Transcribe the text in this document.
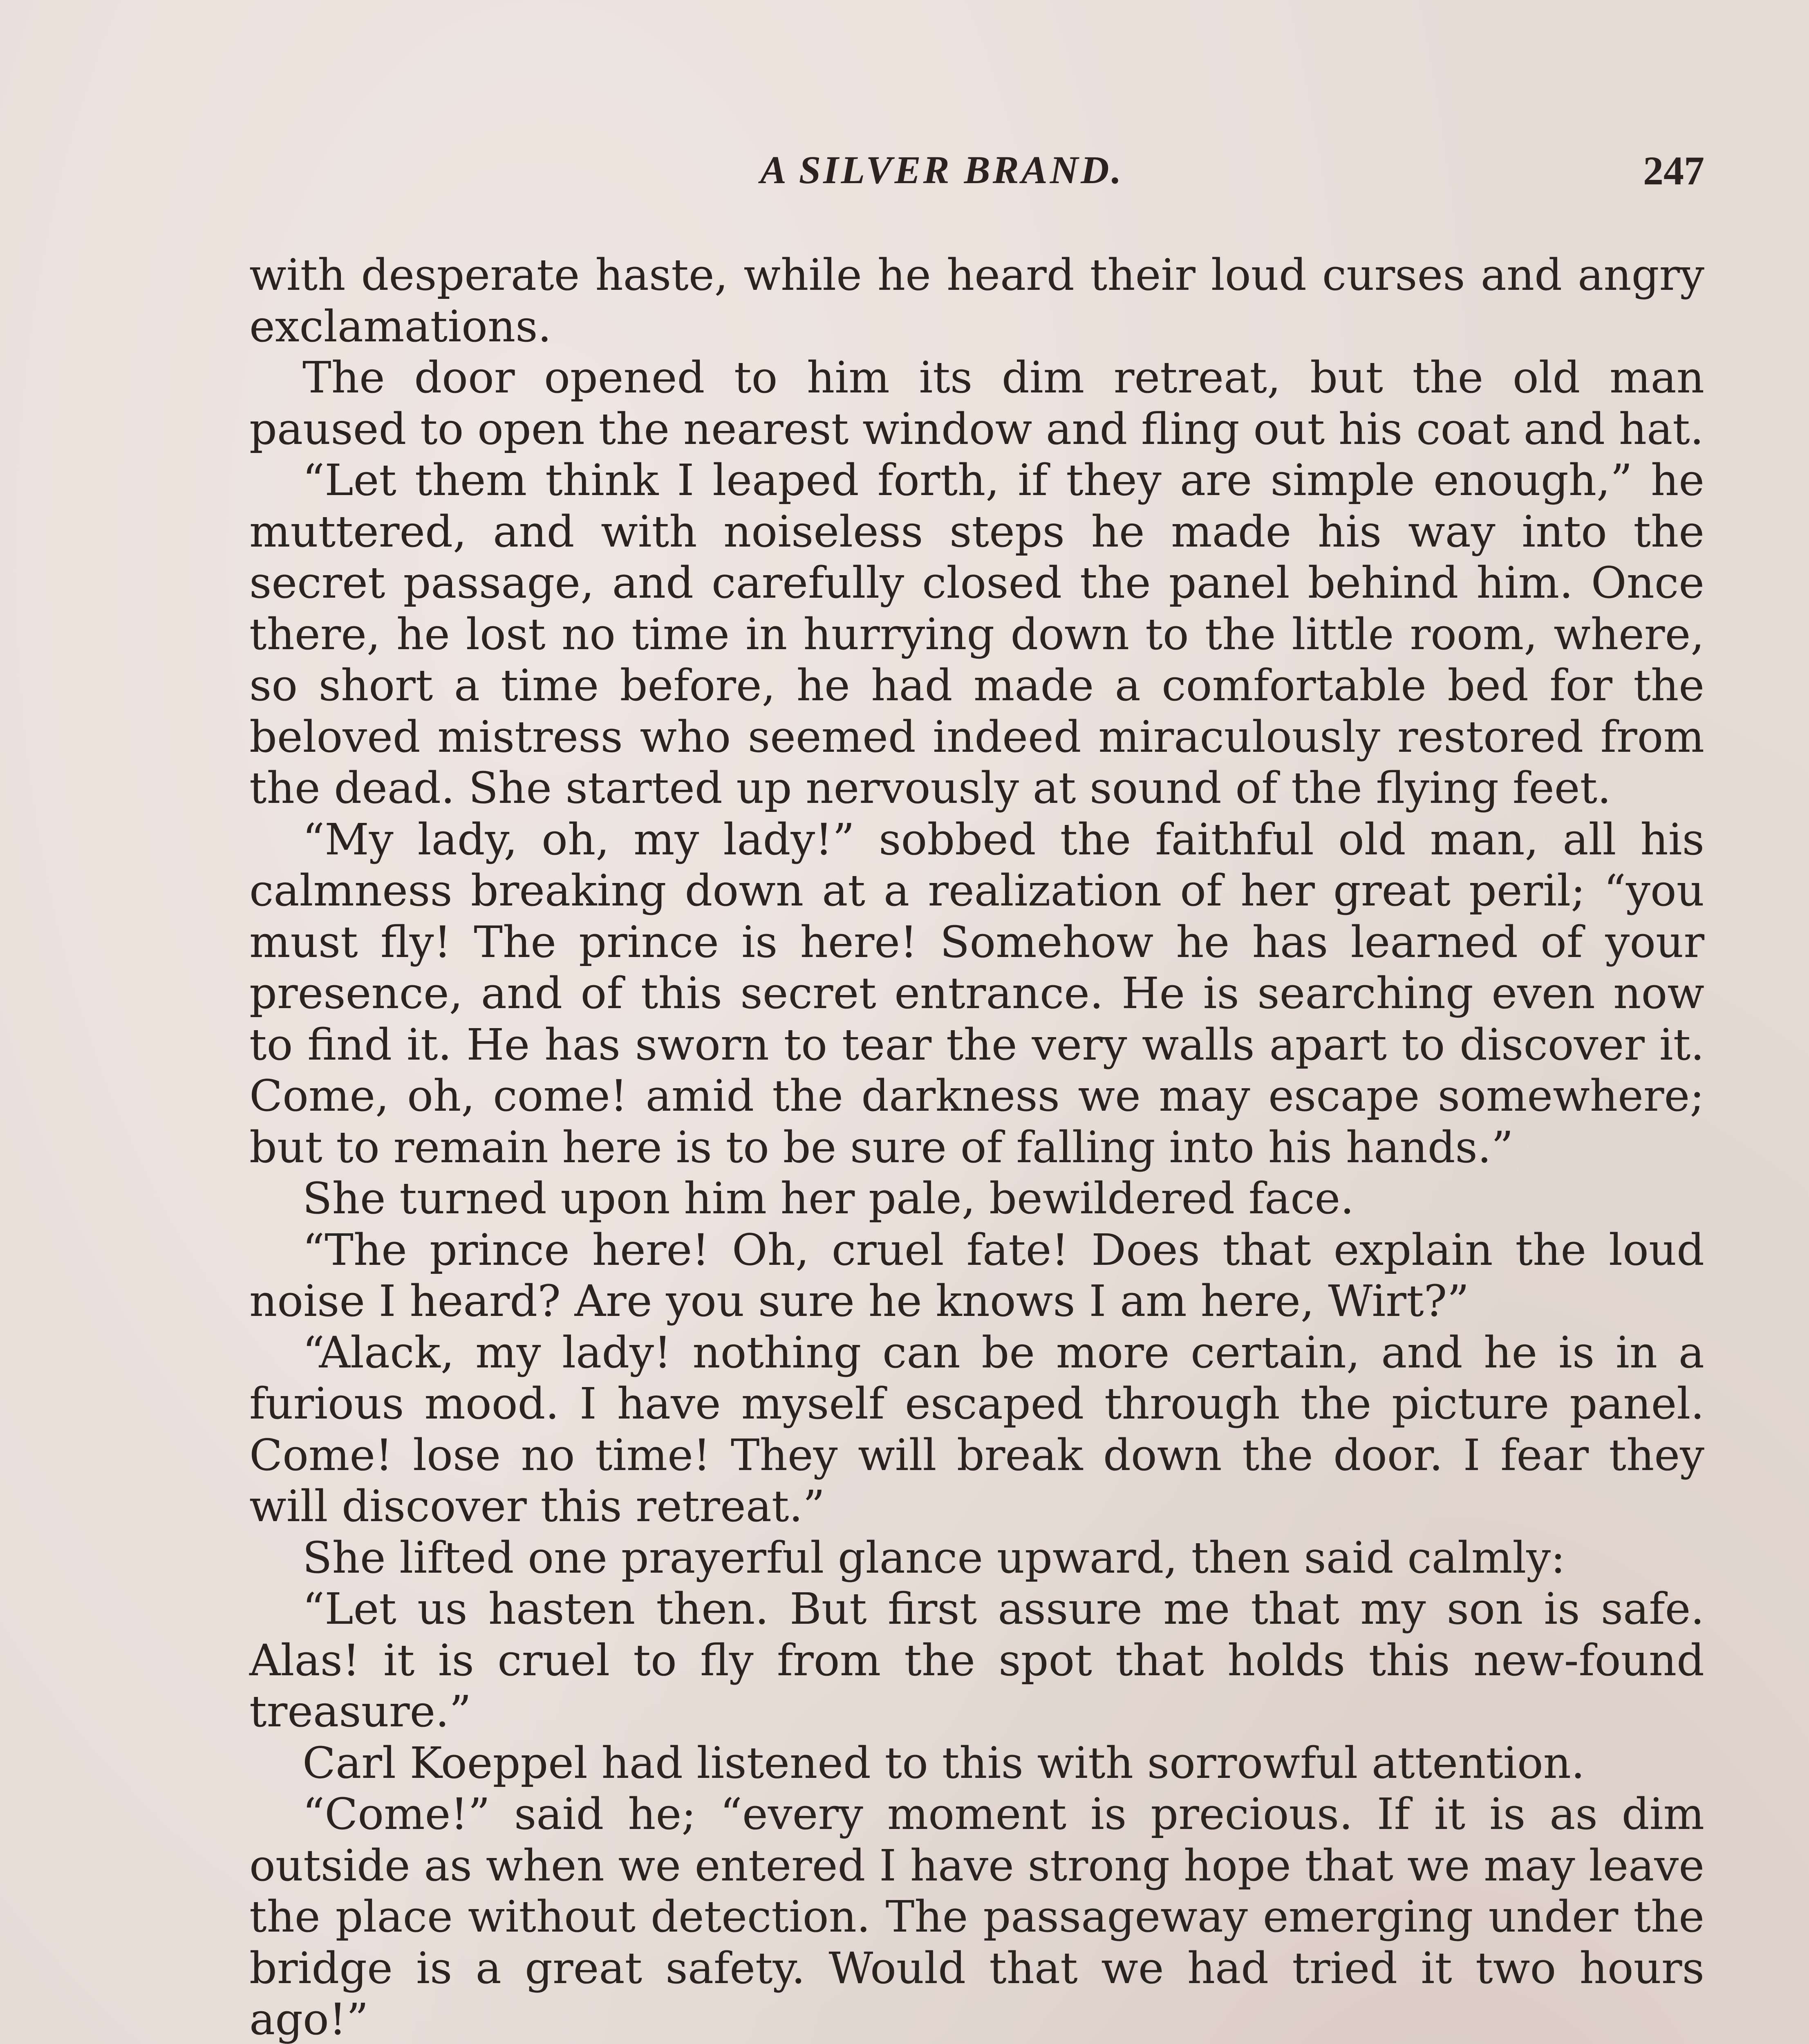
A SILVER BRAND.	247

with desperate haste, while he heard their loud curses and angry exclamations.

The door opened to him its dim retreat, but the old man paused to open the nearest window and fling out his coat and hat.

“Let them think I leaped forth, if they are simple enough,” he muttered, and with noiseless steps he made his way into the secret passage, and carefully closed the panel behind him. Once there, he lost no time in hurrying down to the little room, where, so short a time before, he had made a comfortable bed for the beloved mistress who seemed indeed miraculously restored from the dead. She started up nervously at sound of the flying feet.

“My lady, oh, my lady!” sobbed the faithful old man, all his calmness breaking down at a realization of her great peril; “you must fly! The prince is here! Somehow he has learned of your presence, and of this secret entrance. He is searching even now to find it. He has sworn to tear the very walls apart to discover it. Come, oh, come! amid the darkness we may escape somewhere; but to remain here is to be sure of falling into his hands.”

She turned upon him her pale, bewildered face.

“The prince here! Oh, cruel fate! Does that explain the loud noise I heard? Are you sure he knows I am here, Wirt?”

“Alack, my lady! nothing can be more certain, and he is in a furious mood. I have myself escaped through the picture panel. Come! lose no time! They will break down the door. I fear they will discover this retreat.”

She lifted one prayerful glance upward, then said calmly:

“Let us hasten then. But first assure me that my son is safe. Alas! it is cruel to fly from the spot that holds this new-found treasure.”

Carl Koeppel had listened to this with sorrowful attention.

“Come!” said he; “every moment is precious. If it is as dim outside as when we entered I have strong hope that we may leave the place without detection. The passageway emerging under the bridge is a great safety. Would that we had tried it two hours ago!”
